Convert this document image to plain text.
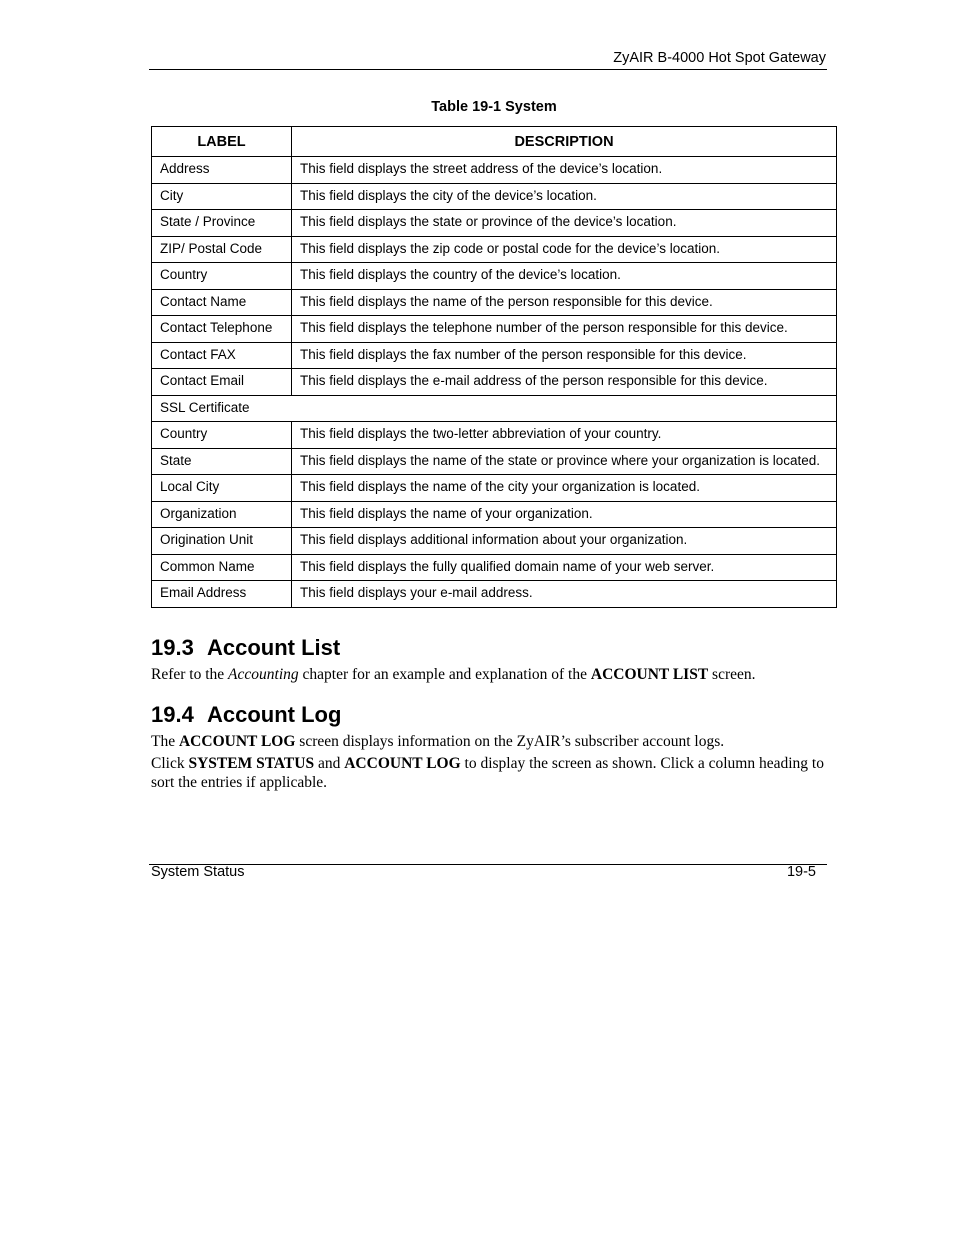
ZyAIR B-4000 Hot Spot Gateway
Table 19-1 System
LABEL	DESCRIPTION
Address	This field displays the street address of the device’s location.
City	This field displays the city of the device’s location.
State / Province	This field displays the state or province of the device’s location.
ZIP/ Postal Code	This field displays the zip code or postal code for the device’s location.
Country	This field displays the country of the device’s location.
Contact Name	This field displays the name of the person responsible for this device.
Contact Telephone	This field displays the telephone number of the person responsible for this device.
Contact FAX	This field displays the fax number of the person responsible for this device.
Contact Email	This field displays the e-mail address of the person responsible for this device.
SSL Certificate	
Country	This field displays the two-letter abbreviation of your country.
State	This field displays the name of the state or province where your organization is located.
Local City	This field displays the name of the city your organization is located.
Organization	This field displays the name of your organization.
Origination Unit	This field displays additional information about your organization.
Common Name	This field displays the fully qualified domain name of your web server.
Email Address	This field displays your e-mail address.
19.3 Account List

Refer to the Accounting chapter for an example and explanation of the ACCOUNT LIST screen.

19.4 Account Log

The ACCOUNT LOG screen displays information on the ZyAIR’s subscriber account logs.

Click SYSTEM STATUS and ACCOUNT LOG to display the screen as shown. Click a column heading to sort the entries if applicable.

System Status	19-5
